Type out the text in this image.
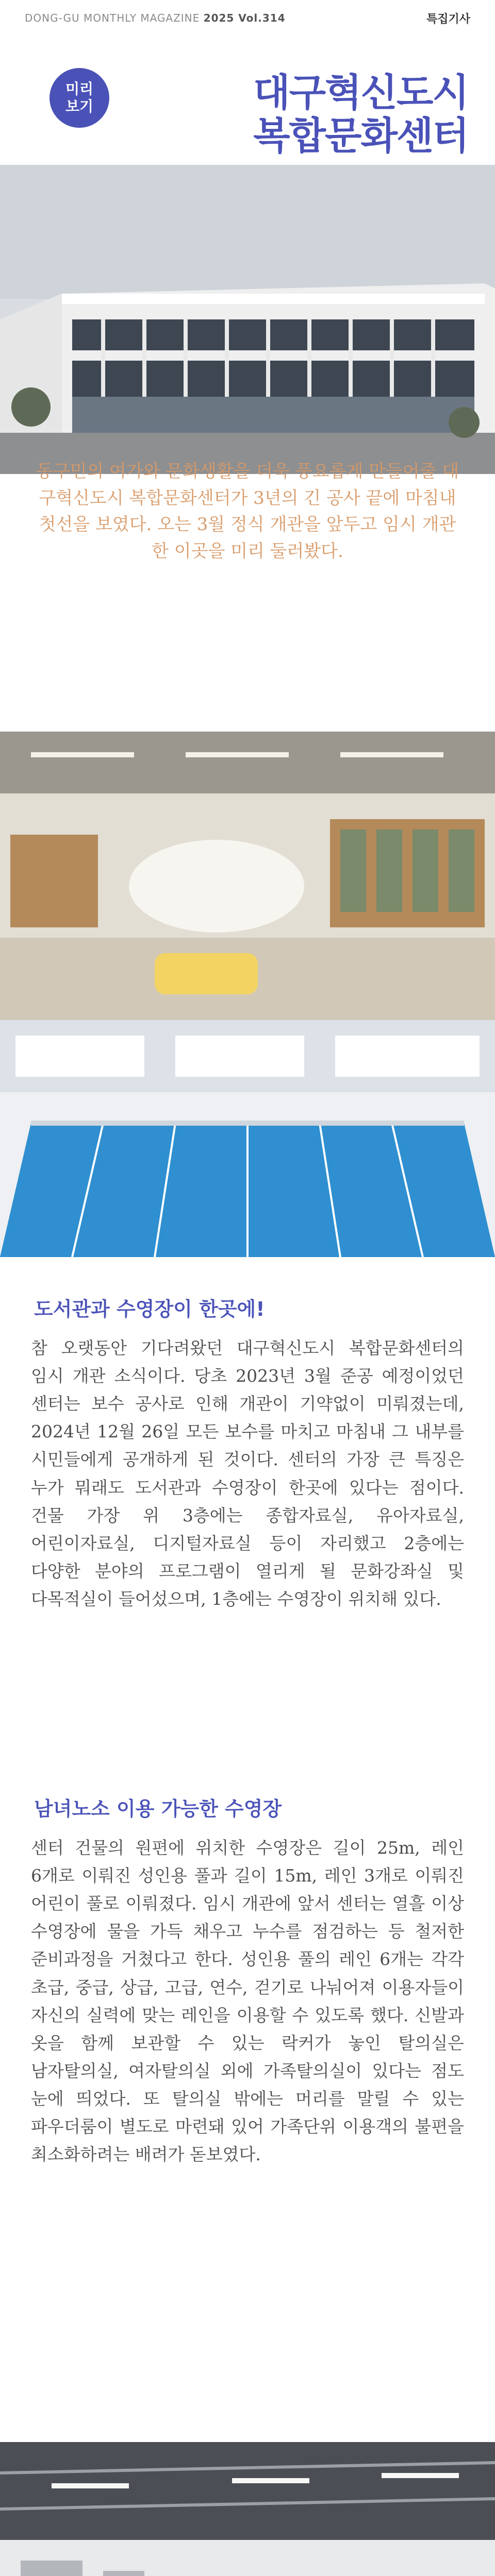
DONG-GU MONTHLY MAGAZINE 2025 Vol.314	특집기사
미리
보기	대구혁신도시
복합문화센터
동구민의 여가와 문화생활을 더욱 풍요롭게 만들어줄 대구혁신도시 복합문화센터가 3년의 긴 공사 끝에 마침내 첫선을 보였다. 오는 3월 정식 개관을 앞두고 임시 개관한 이곳을 미리 둘러봤다.
도서관과 수영장이 한곳에!
참 오랫동안 기다려왔던 대구혁신도시 복합문화센터의 임시 개관 소식이다. 당초 2023년 3월 준공 예정이었던 센터는 보수 공사로 인해 개관이 기약없이 미뤄졌는데, 2024년 12월 26일 모든 보수를 마치고 마침내 그 내부를 시민들에게 공개하게 된 것이다. 센터의 가장 큰 특징은 누가 뭐래도 도서관과 수영장이 한곳에 있다는 점이다. 건물 가장 위 3층에는 종합자료실, 유아자료실, 어린이자료실, 디지털자료실 등이 자리했고 2층에는 다양한 분야의 프로그램이 열리게 될 문화강좌실 및 다목적실이 들어섰으며, 1층에는 수영장이 위치해 있다.
남녀노소 이용 가능한 수영장
센터 건물의 원편에 위치한 수영장은 길이 25m, 레인 6개로 이뤄진 성인용 풀과 길이 15m, 레인 3개로 이뤄진 어린이 풀로 이뤄졌다. 임시 개관에 앞서 센터는 열흘 이상 수영장에 물을 가득 채우고 누수를 점검하는 등 철저한 준비과정을 거쳤다고 한다. 성인용 풀의 레인 6개는 각각 초급, 중급, 상급, 고급, 연수, 걷기로 나눠어져 이용자들이 자신의 실력에 맞는 레인을 이용할 수 있도록 했다. 신발과 옷을 함께 보관할 수 있는 락커가 놓인 탈의실은 남자탈의실, 여자탈의실 외에 가족탈의실이 있다는 점도 눈에 띄었다. 또 탈의실 밖에는 머리를 말릴 수 있는 파우더룸이 별도로 마련돼 있어 가족단위 이용객의 불편을 최소화하려는 배려가 돋보였다.
